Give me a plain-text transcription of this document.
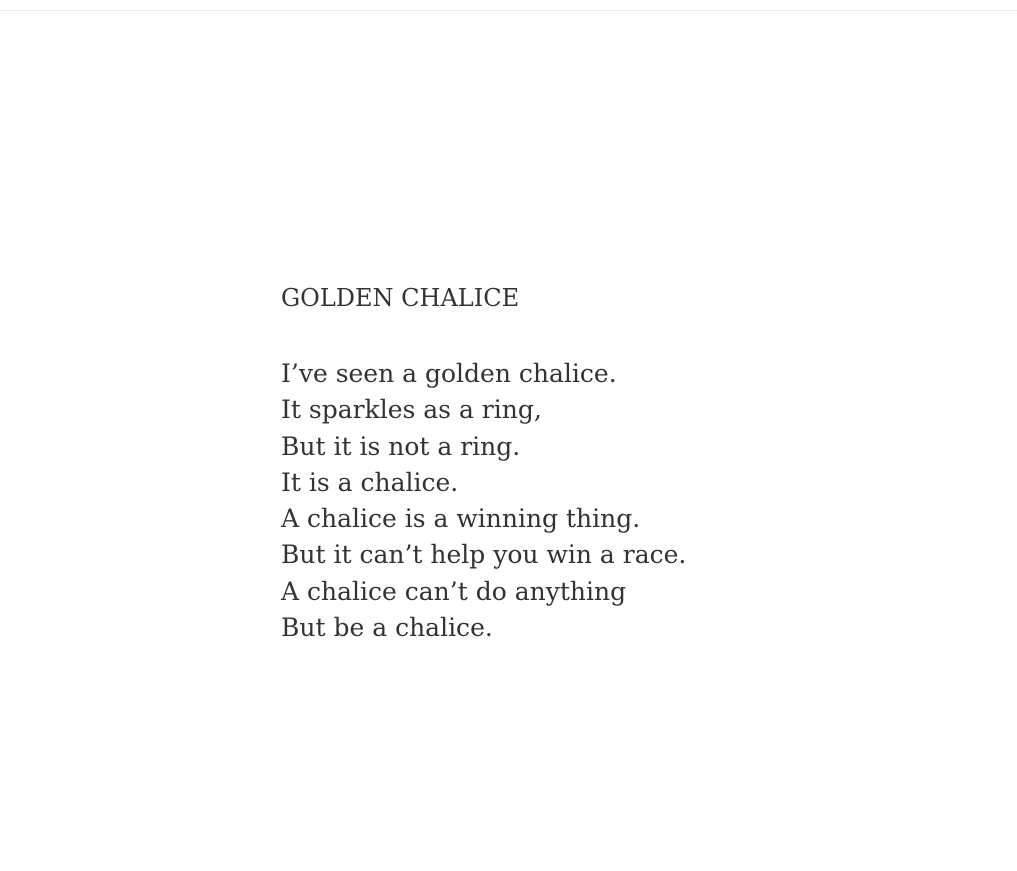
GOLDEN CHALICE
I’ve seen a golden chalice.
It sparkles as a ring,
But it is not a ring.
It is a chalice.
A chalice is a winning thing.
But it can’t help you win a race.
A chalice can’t do anything
But be a chalice.
